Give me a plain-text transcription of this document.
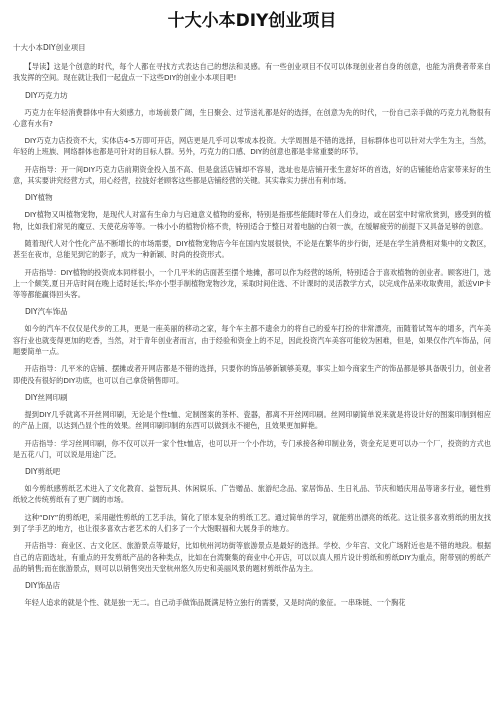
十大小本DIY创业项目
十大小本DIY创业项目
【导读】这是个创意的时代，每个人都在寻找方式表达自己的想法和灵感。有一些创业项目不仅可以体现创业者自身的创意，也能为消费者带来自我发挥的空间。现在就让我们一起盘点一下这些DIY的创业小本项目吧!
DIY巧克力坊
巧克力在年轻消费群体中有大须感力，市场前景广阔，生日聚会、过节送礼都是好的选择，在创意为先的时代，一份自己亲手做的巧克力礼物很有心意有水有?
DIY巧克力店投资不大，实体店4-5万即可开店，网店更是几乎可以零成本投资。大学周围是不错的选择，目标群体也可以针对大学生为主，当然，年轻的上班族、网络群体也都是可针对的目标人群。另外，巧克力的口感、DIY的创意也都是非常重要的环节。
开店指导：开一间DIY巧克力店前期资金投入虽不高、但是盘活店铺却不容易，选址也是店铺开张生意好坏的首选，好的店铺能给店家带来好的生意，其实要讲究经营方式，用心经营，拉拢好老顾客这些都是店铺经营的关键。其实靠实力拼出有利市场。
DIY植物
DIY植物又叫植物宠物，是现代人对富有生命力与启迪意义植物的爱称，特别是指那些能随时带在人们身边，或在居室中时常欣赏到，感受到的植物，比如我们常见的魔豆、天使花房等等。一株小小的植物价格不贵，特别适合于整日对着电脑的白领一族，在缓解疲劳的前提下又具备足够的创意。
随着现代人对个性化产品不断增长的市场需要，DIY植物宠物店今年在国内发展很快，不论是在繁华的步行街，还是在学生消费相对集中的文教区，甚至在夜市，总能见到它的影子，成为一种新颖、时尚的投资形式。
开店指导：DIY植物的投资成本同样很小，一个几平米的店面甚至摆个地摊，都可以作为经营的场所，特别适合于喜欢植物的创业者。顾客进门，选上一个颇笑,夏日开店时间在晚上适时延长;华亦小型手制植物宠物沙龙，采取时间住选、不计课时的灵活教学方式，以完成作品来收取费用，派送VIP卡等等都能赢得回头客。
DIY汽车饰品
如今的汽车不仅仅是代步的工具，更是一座美丽的移动之家，每个车主都不遗余力的将自己的爱车打扮的非常漂亮，而随着试驾车的增多，汽车美容行业也就变得更加的吃香，当然，对于青年创业者而言，由于经验和资金上的不足，因此投资汽车美容可能较为困难，但是，如果仅作汽车饰品，问题要简单一点。
开店指导：几平米的店铺、摆摊或者开网店都是不错的选择，只要你的饰品够新颖够美观，事实上如今商家生产的饰品都是够具备吸引力，创业者即使没有很好的DIY功底，也可以自己拿货销售即可。
DIY丝网印刷
提到DIY几乎就离不开丝网印刷，无论是个性t恤、定制图案的茶杯、瓷器，都离不开丝网印刷。丝网印刷简单说来就是将设计好的图案印制到相应的产品上面，以达到凸显个性的效果。丝网印刷印制的东西可以做到永不褪色，且效果更加鲜艳。
开店指导：学习丝网印刷，你不仅可以开一家个性t恤店，也可以开一个小作坊，专门承接各种印制业务，资金充足更可以办一个厂，投资的方式也是五花八门，可以说是用途广泛。
DIY剪纸吧
如今剪纸感剪纸艺术进入了文化教育、益智玩具、休闲娱乐、广告赠品、旅游纪念品、家居饰品、生日礼品、节庆和婚庆用品等诸多行业，磁性剪纸较之传统剪纸有了更广阔的市场。
这种“DIY”的剪纸吧，采用磁性剪纸的工艺手法，简化了原本复杂的剪纸工艺。通过简单的学习，就能剪出漂亮的纸花。这让很多喜欢剪纸的朋友找到了学手艺的地方，也让很多喜欢古老艺术的人们多了一个大饱眼福和大展身手的地方。
开店指导：商业区、古文化区、旅游景点等最好，比如杭州河坊街等旅游景点是最好的选择。学校、少年宫、文化广场附近也是不错的地段。根据自己的店面选址，有重点的开发剪纸产品的各种类点，比如在台湾聚集的商业中心开店，可以以真人照片设计剪纸和剪纸DIY为重点，附带别的剪纸产品的销售;而在旅游景点，则可以以销售突出天堂杭州悠久历史和美丽风景的题材剪纸作品为主。
DIY饰品店
年轻人追求的就是个性、就是独一无二。自己动手做饰品既满足特立独行的需要，又是时尚的象征。一串珠链、一个胸花
